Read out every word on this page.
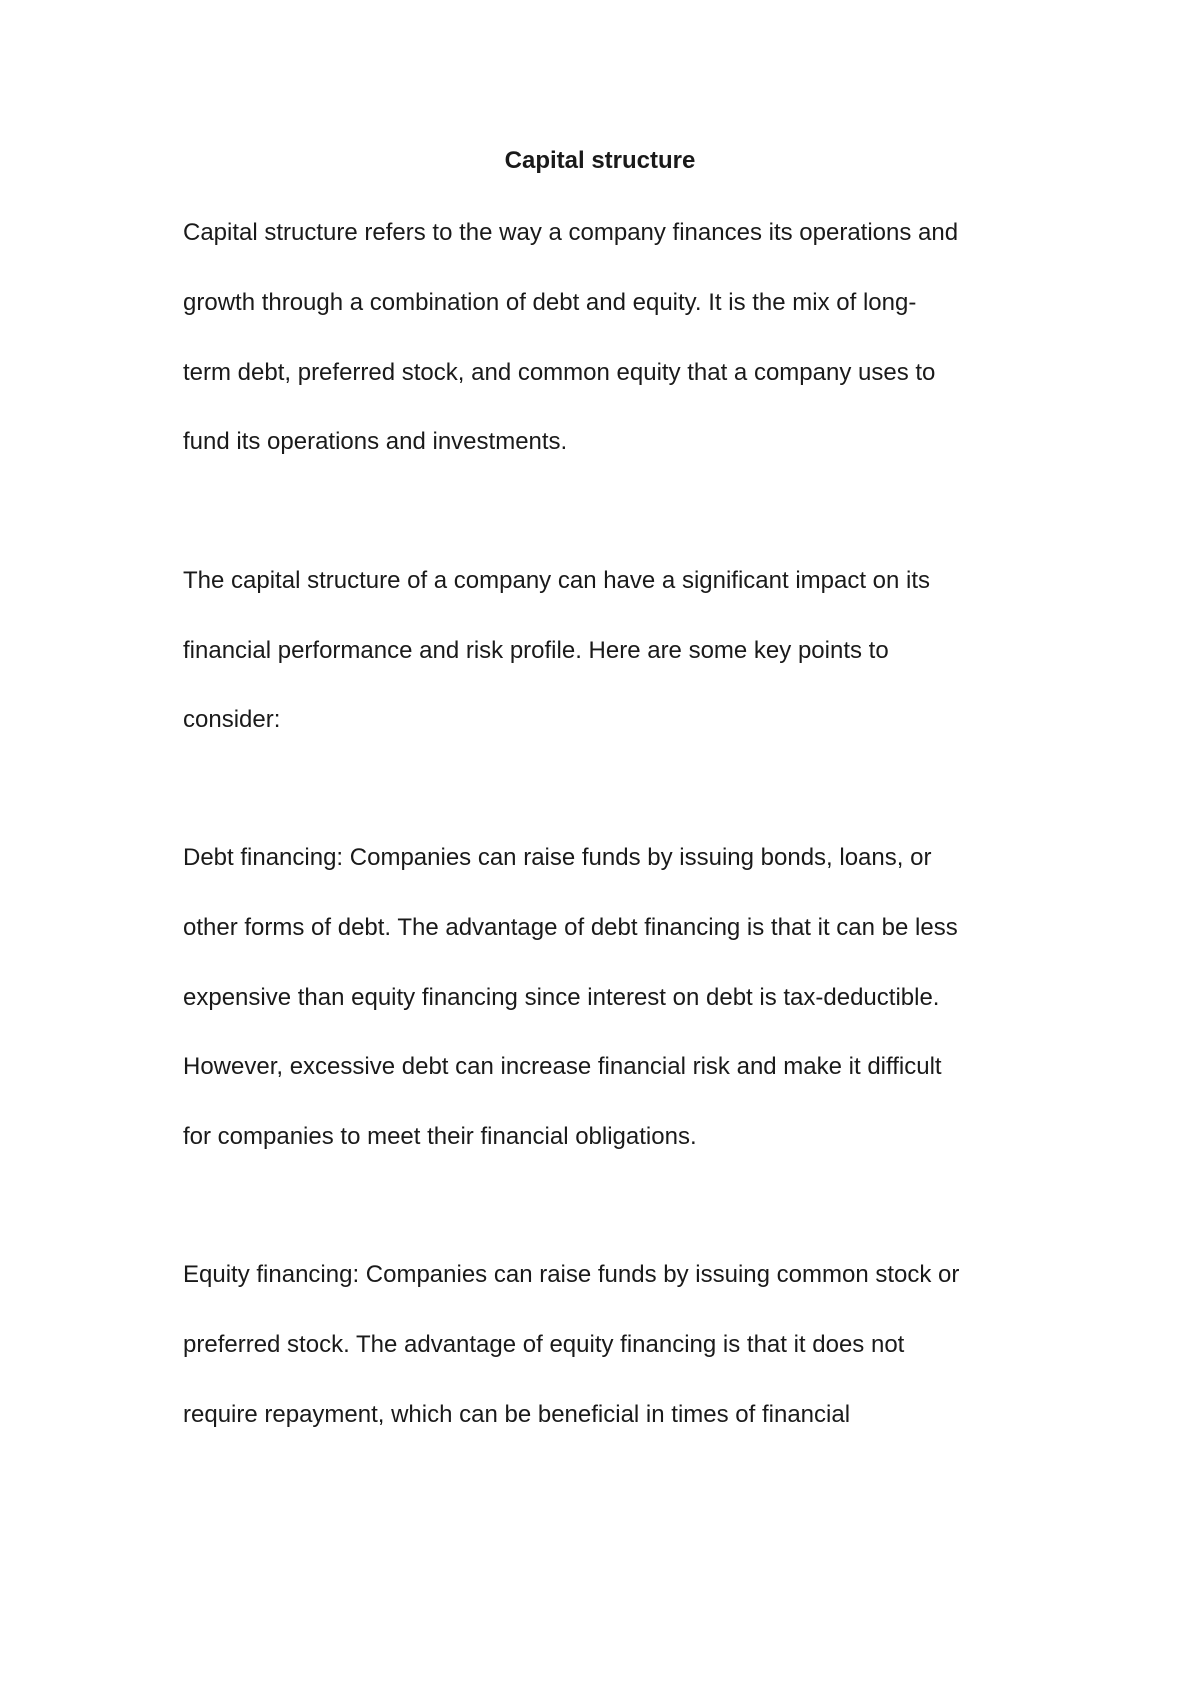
Capital structure
Capital structure refers to the way a company finances its operations and
growth through a combination of debt and equity. It is the mix of long-
term debt, preferred stock, and common equity that a company uses to
fund its operations and investments.
The capital structure of a company can have a significant impact on its
financial performance and risk profile. Here are some key points to
consider:
Debt financing: Companies can raise funds by issuing bonds, loans, or
other forms of debt. The advantage of debt financing is that it can be less
expensive than equity financing since interest on debt is tax-deductible.
However, excessive debt can increase financial risk and make it difficult
for companies to meet their financial obligations.
Equity financing: Companies can raise funds by issuing common stock or
preferred stock. The advantage of equity financing is that it does not
require repayment, which can be beneficial in times of financial
